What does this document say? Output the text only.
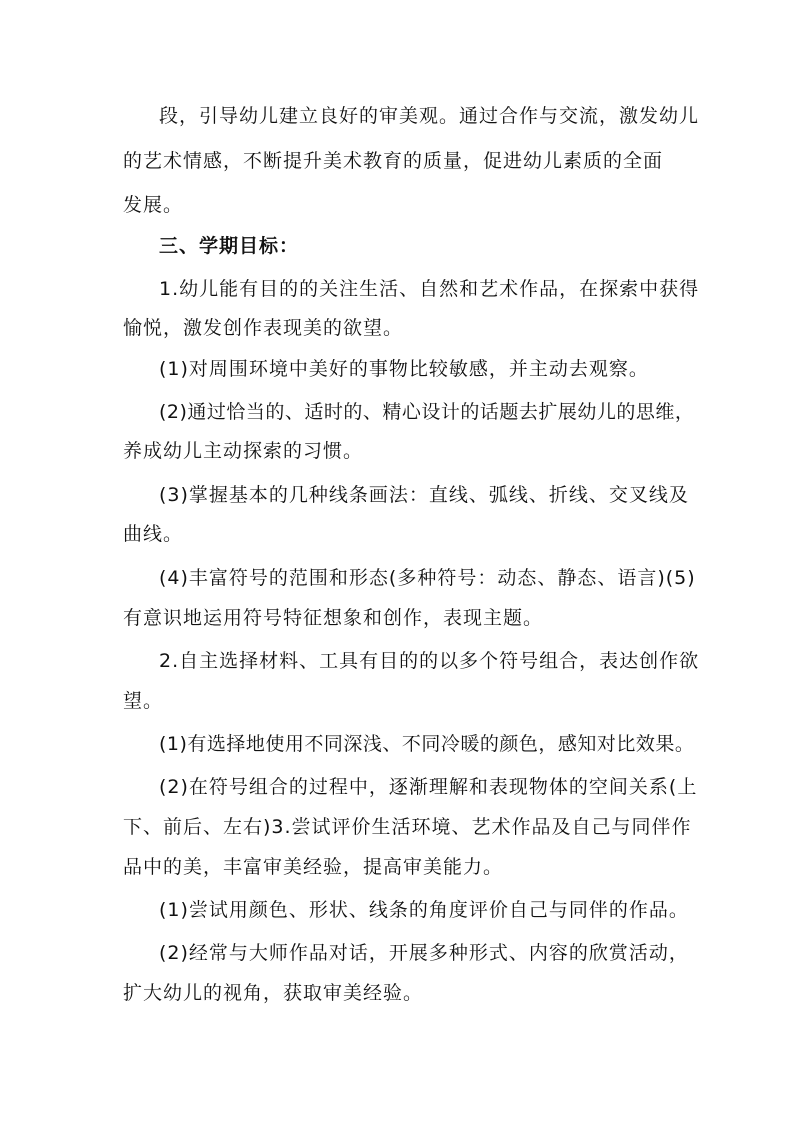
段，引导幼儿建立良好的审美观。通过合作与交流，激发幼儿
的艺术情感，不断提升美术教育的质量，促进幼儿素质的全面
发展。
三、学期目标：
1.幼儿能有目的的关注生活、自然和艺术作品，在探索中获得
愉悦，激发创作表现美的欲望。
(1)对周围环境中美好的事物比较敏感，并主动去观察。
(2)通过恰当的、适时的、精心设计的话题去扩展幼儿的思维，
养成幼儿主动探索的习惯。
(3)掌握基本的几种线条画法：直线、弧线、折线、交叉线及
曲线。
(4)丰富符号的范围和形态(多种符号：动态、静态、语言)(5)
有意识地运用符号特征想象和创作，表现主题。
2.自主选择材料、工具有目的的以多个符号组合，表达创作欲
望。
(1)有选择地使用不同深浅、不同冷暖的颜色，感知对比效果。
(2)在符号组合的过程中，逐渐理解和表现物体的空间关系(上
下、前后、左右)3.尝试评价生活环境、艺术作品及自己与同伴作
品中的美，丰富审美经验，提高审美能力。
(1)尝试用颜色、形状、线条的角度评价自己与同伴的作品。
(2)经常与大师作品对话，开展多种形式、内容的欣赏活动，
扩大幼儿的视角，获取审美经验。
